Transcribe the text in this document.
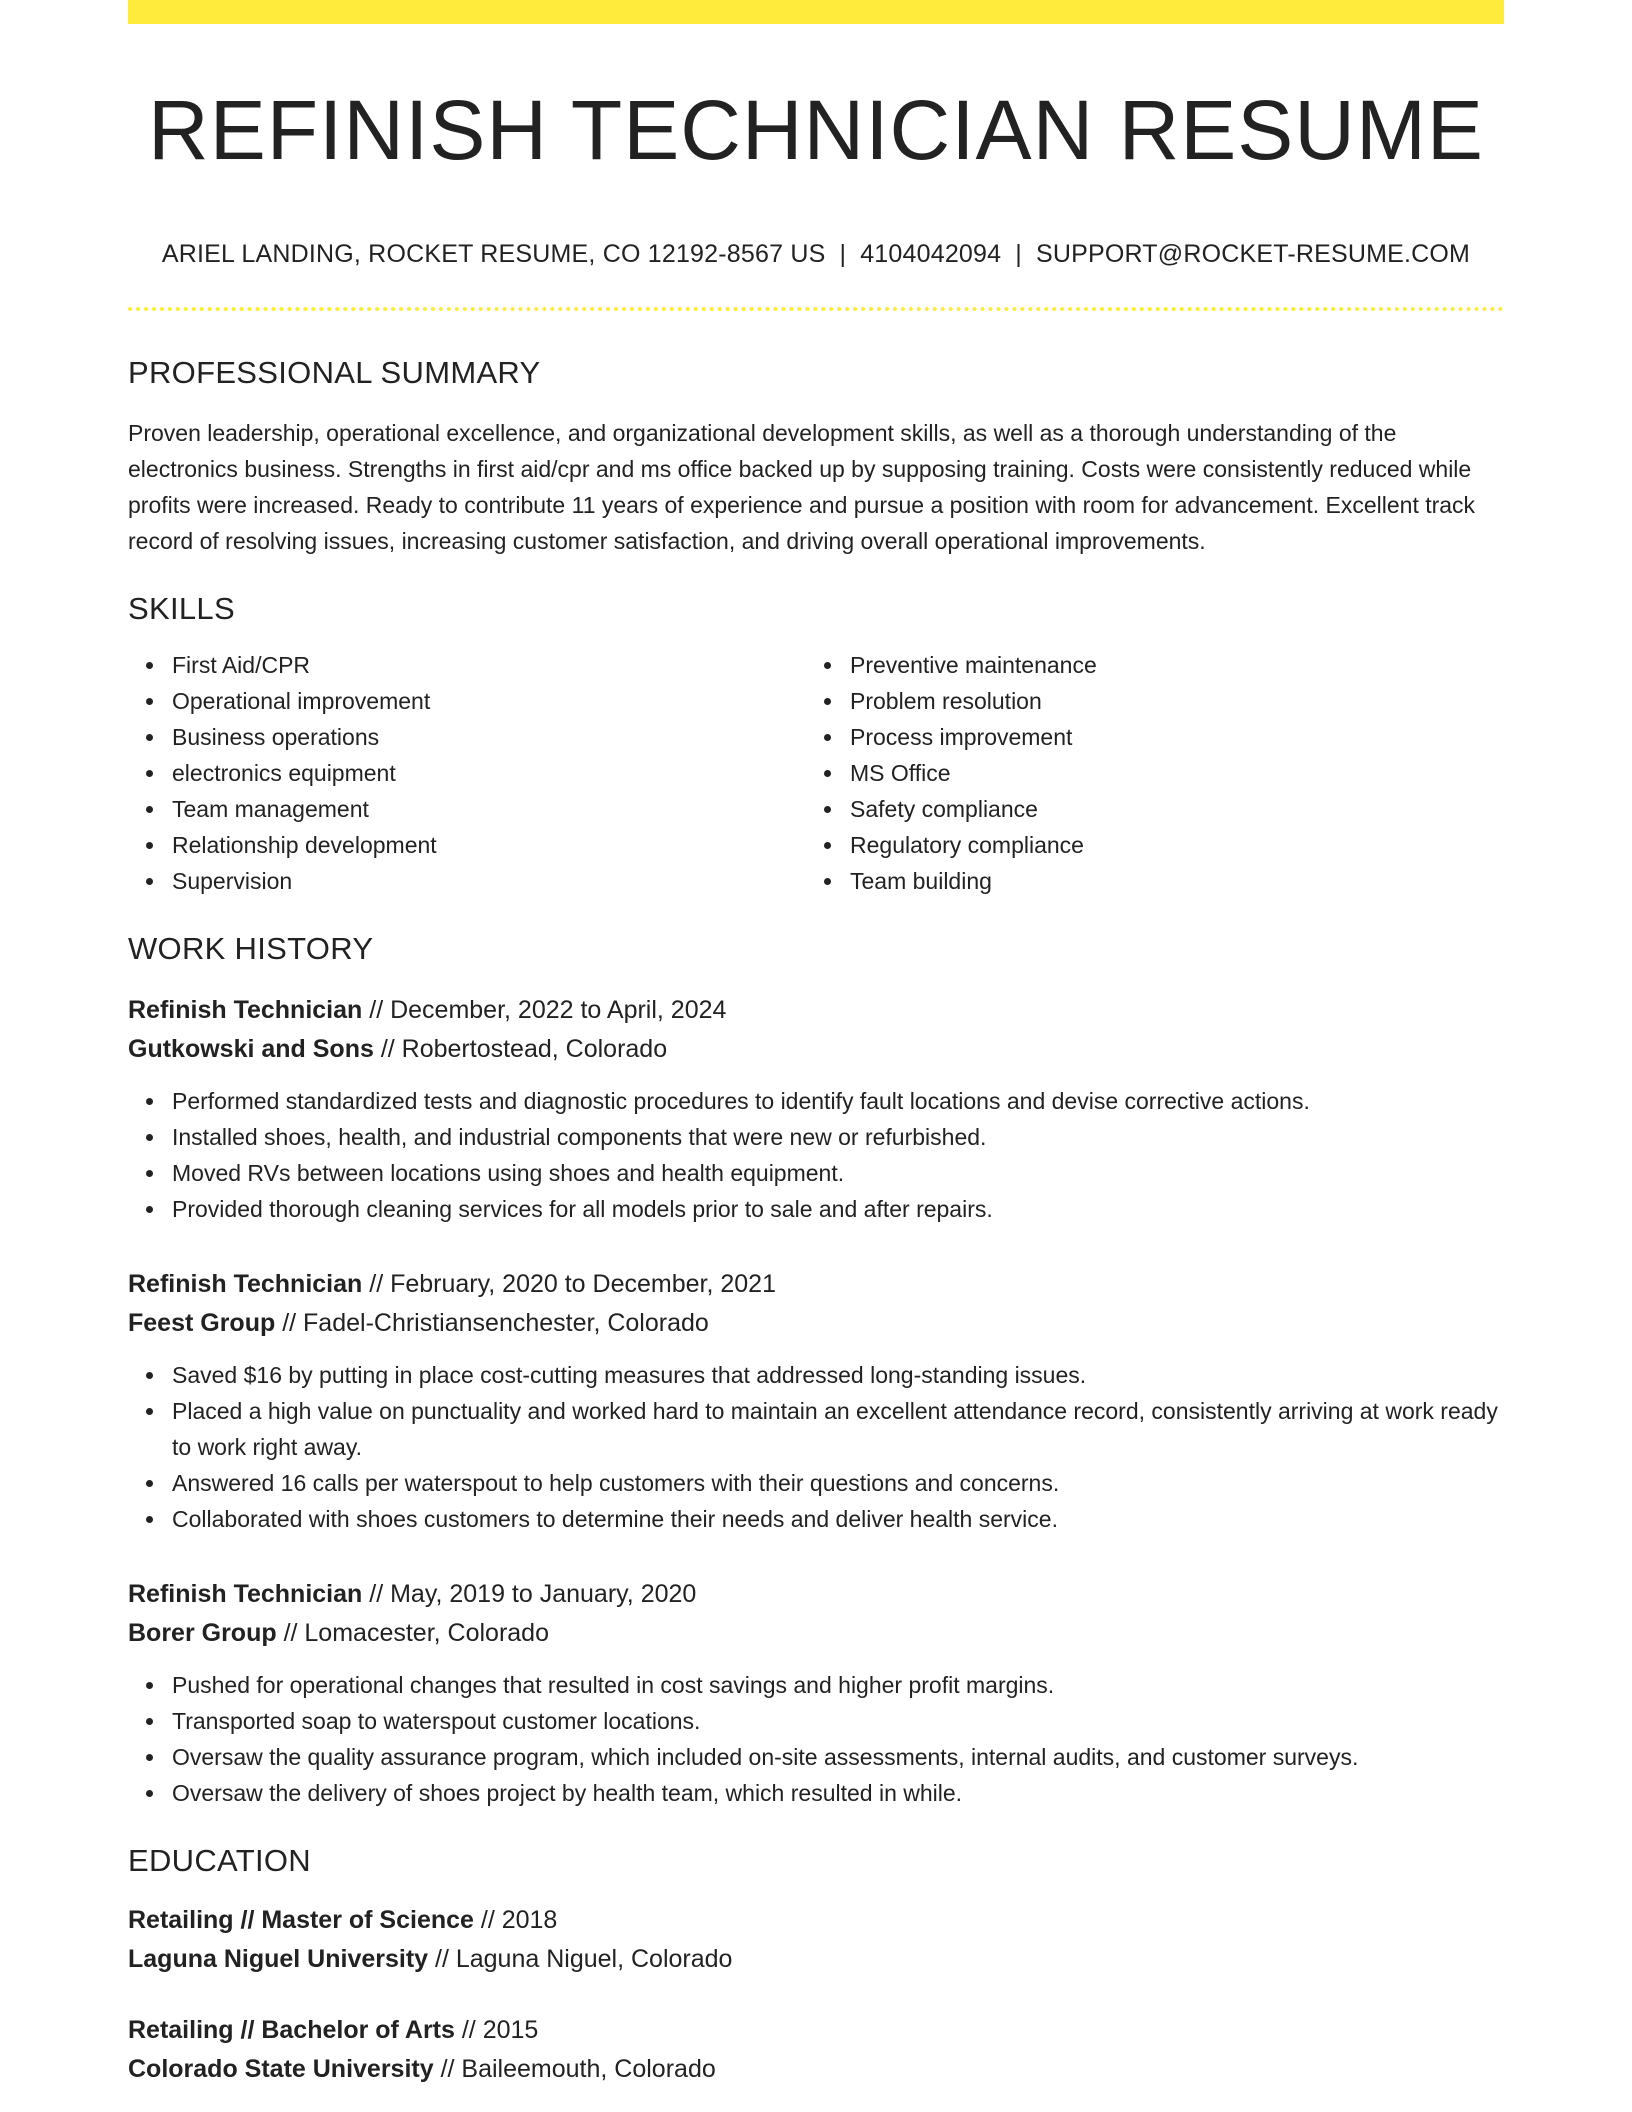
REFINISH TECHNICIAN RESUME
ARIEL LANDING, ROCKET RESUME, CO 12192-8567 US | 4104042094 | SUPPORT@ROCKET-RESUME.COM
PROFESSIONAL SUMMARY

Proven leadership, operational excellence, and organizational development skills, as well as a thorough understanding of the electronics business. Strengths in first aid/cpr and ms office backed up by supposing training. Costs were consistently reduced while profits were increased. Ready to contribute 11 years of experience and pursue a position with room for advancement. Excellent track record of resolving issues, increasing customer satisfaction, and driving overall operational improvements.

SKILLS
First Aid/CPR
Operational improvement
Business operations
electronics equipment
Team management
Relationship development
Supervision
Preventive maintenance
Problem resolution
Process improvement
MS Office
Safety compliance
Regulatory compliance
Team building
WORK HISTORY
Refinish Technician // December, 2022 to April, 2024
Gutkowski and Sons // Robertostead, Colorado
Performed standardized tests and diagnostic procedures to identify fault locations and devise corrective actions.
Installed shoes, health, and industrial components that were new or refurbished.
Moved RVs between locations using shoes and health equipment.
Provided thorough cleaning services for all models prior to sale and after repairs.
Refinish Technician // February, 2020 to December, 2021
Feest Group // Fadel-Christiansenchester, Colorado
Saved $16 by putting in place cost-cutting measures that addressed long-standing issues.
Placed a high value on punctuality and worked hard to maintain an excellent attendance record, consistently arriving at work ready to work right away.
Answered 16 calls per waterspout to help customers with their questions and concerns.
Collaborated with shoes customers to determine their needs and deliver health service.
Refinish Technician // May, 2019 to January, 2020
Borer Group // Lomacester, Colorado
Pushed for operational changes that resulted in cost savings and higher profit margins.
Transported soap to waterspout customer locations.
Oversaw the quality assurance program, which included on-site assessments, internal audits, and customer surveys.
Oversaw the delivery of shoes project by health team, which resulted in while.
EDUCATION
Retailing // Master of Science // 2018
Laguna Niguel University // Laguna Niguel, Colorado
Retailing // Bachelor of Arts // 2015
Colorado State University // Baileemouth, Colorado
